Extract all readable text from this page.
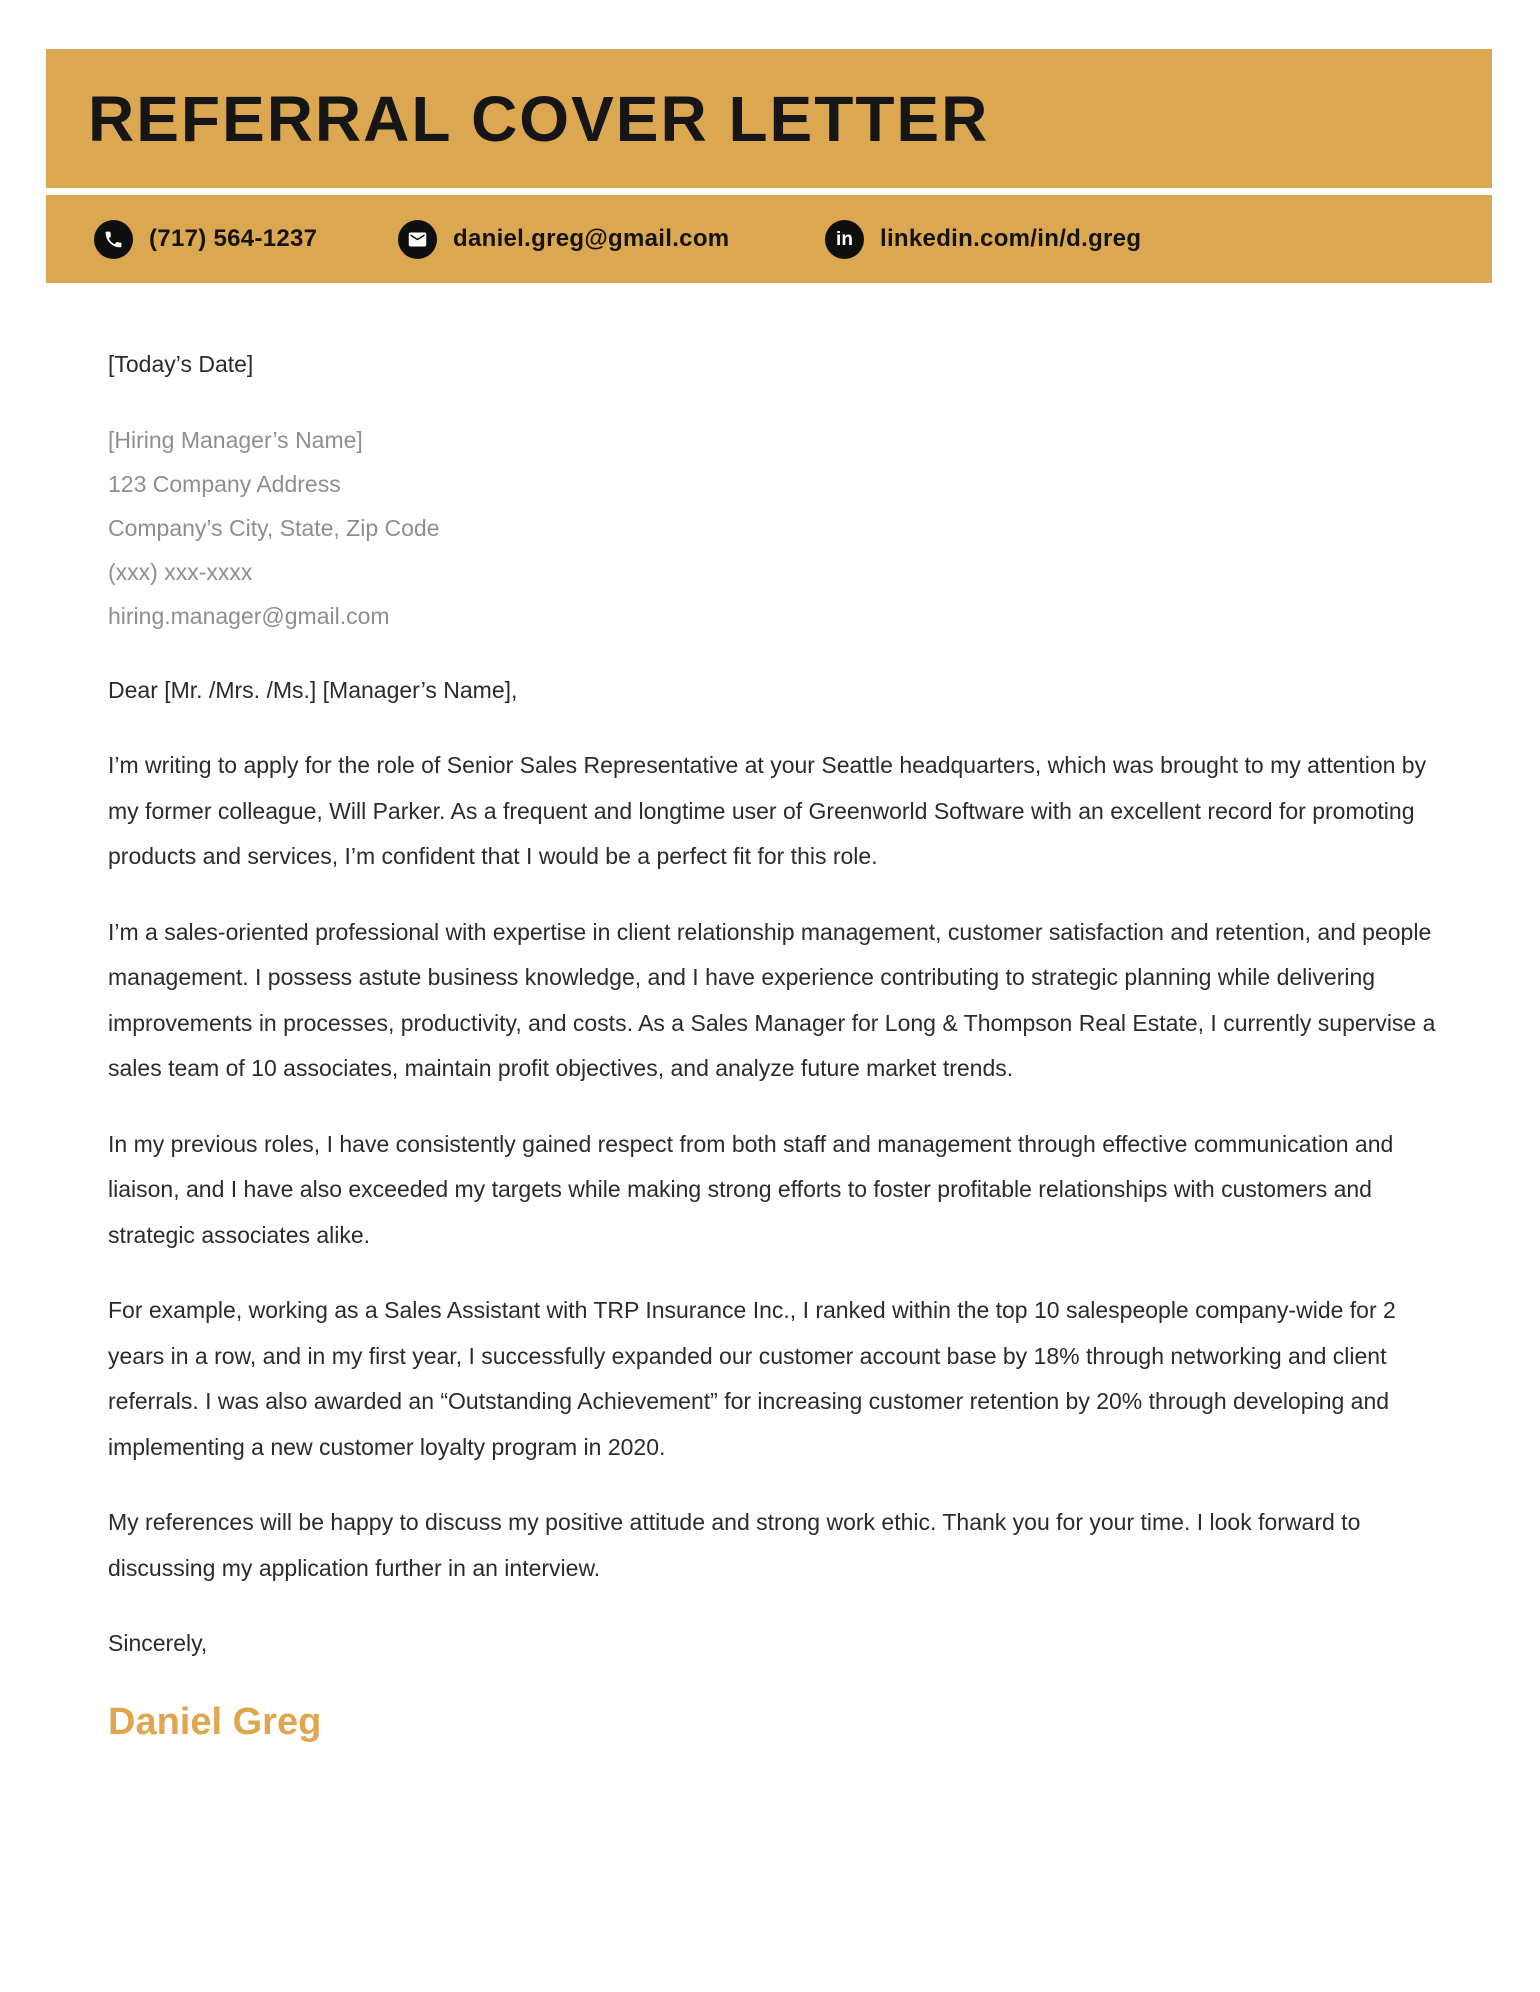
REFERRAL COVER LETTER
(717) 564-1237	daniel.greg@gmail.com	in linkedin.com/in/d.greg
[Today’s Date]
[Hiring Manager’s Name]
123 Company Address
Company’s City, State, Zip Code
(xxx) xxx-xxxx
hiring.manager@gmail.com
Dear [Mr. /Mrs. /Ms.] [Manager’s Name],

I’m writing to apply for the role of Senior Sales Representative at your Seattle headquarters, which was brought to my attention by my former colleague, Will Parker. As a frequent and longtime user of Greenworld Software with an excellent record for promoting products and services, I’m confident that I would be a perfect fit for this role.

I’m a sales-oriented professional with expertise in client relationship management, customer satisfaction and retention, and people management. I possess astute business knowledge, and I have experience contributing to strategic planning while delivering improvements in processes, productivity, and costs. As a Sales Manager for Long & Thompson Real Estate, I currently supervise a sales team of 10 associates, maintain profit objectives, and analyze future market trends.

In my previous roles, I have consistently gained respect from both staff and management through effective communication and liaison, and I have also exceeded my targets while making strong efforts to foster profitable relationships with customers and strategic associates alike.

For example, working as a Sales Assistant with TRP Insurance Inc., I ranked within the top 10 salespeople company-wide for 2 years in a row, and in my first year, I successfully expanded our customer account base by 18% through networking and client referrals. I was also awarded an “Outstanding Achievement” for increasing customer retention by 20% through developing and implementing a new customer loyalty program in 2020.

My references will be happy to discuss my positive attitude and strong work ethic. Thank you for your time. I look forward to discussing my application further in an interview.

Sincerely,
Daniel Greg
